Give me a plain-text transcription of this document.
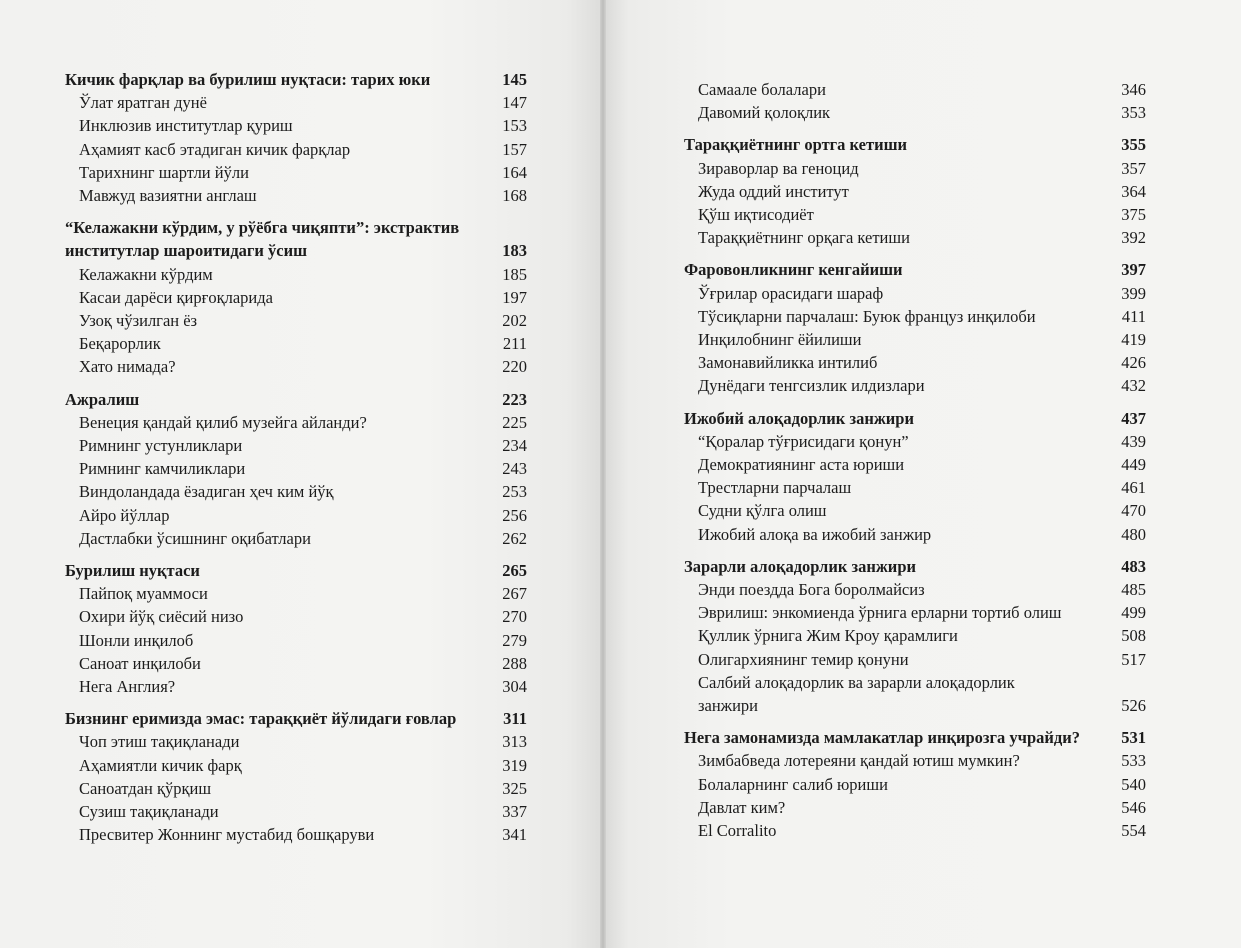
Кичик фарқлар ва бурилиш нуқтаси: тарих юки	145
Ўлат яратган дунё	147
Инклюзив институтлар қуриш	153
Аҳамият касб этадиган кичик фарқлар	157
Тарихнинг шартли йўли	164
Мавжуд вазиятни англаш	168
“Келажакни кўрдим, у рўёбга чиқяпти”: экстрактив институтлар шароитидаги ўсиш	183
Келажакни кўрдим	185
Касаи дарёси қирғоқларида	197
Узоқ чўзилган ёз	202
Беқарорлик	211
Хато нимада?	220
Ажралиш	223
Венеция қандай қилиб музейга айланди?	225
Римнинг устунликлари	234
Римнинг камчиликлари	243
Виндоландада ёзадиган ҳеч ким йўқ	253
Айро йўллар	256
Дастлабки ўсишнинг оқибатлари	262
Бурилиш нуқтаси	265
Пайпоқ муаммоси	267
Охири йўқ сиёсий низо	270
Шонли инқилоб	279
Саноат инқилоби	288
Нега Англия?	304
Бизнинг еримизда эмас: тараққиёт йўлидаги ғовлар	311
Чоп этиш тақиқланади	313
Аҳамиятли кичик фарқ	319
Саноатдан қўрқиш	325
Сузиш тақиқланади	337
Пресвитер Жоннинг мустабид бошқаруви	341
Самаале болалари	346
Давомий қолоқлик	353
Тараққиётнинг ортга кетиши	355
Зираворлар ва геноцид	357
Жуда оддий институт	364
Қўш иқтисодиёт	375
Тараққиётнинг орқага кетиши	392
Фаровонликнинг кенгайиши	397
Ўғрилар орасидаги шараф	399
Тўсиқларни парчалаш: Буюк француз инқилоби	411
Инқилобнинг ёйилиши	419
Замонавийликка интилиб	426
Дунёдаги тенгсизлик илдизлари	432
Ижобий алоқадорлик занжири	437
“Қоралар тўғрисидаги қонун”	439
Демократиянинг аста юриши	449
Трестларни парчалаш	461
Судни қўлга олиш	470
Ижобий алоқа ва ижобий занжир	480
Зарарли алоқадорлик занжири	483
Энди поездда Бога боролмайсиз	485
Эврилиш: энкомиенда ўрнига ерларни тортиб олиш	499
Қуллик ўрнига Жим Кроу қарамлиги	508
Олигархиянинг темир қонуни	517
Салбий алоқадорлик ва зарарли алоқадорлик занжири	526
Нега замонамизда мамлакатлар инқирозга учрайди?	531
Зимбабведа лотереяни қандай ютиш мумкин?	533
Болаларнинг салиб юриши	540
Давлат ким?	546
El Corralito	554
